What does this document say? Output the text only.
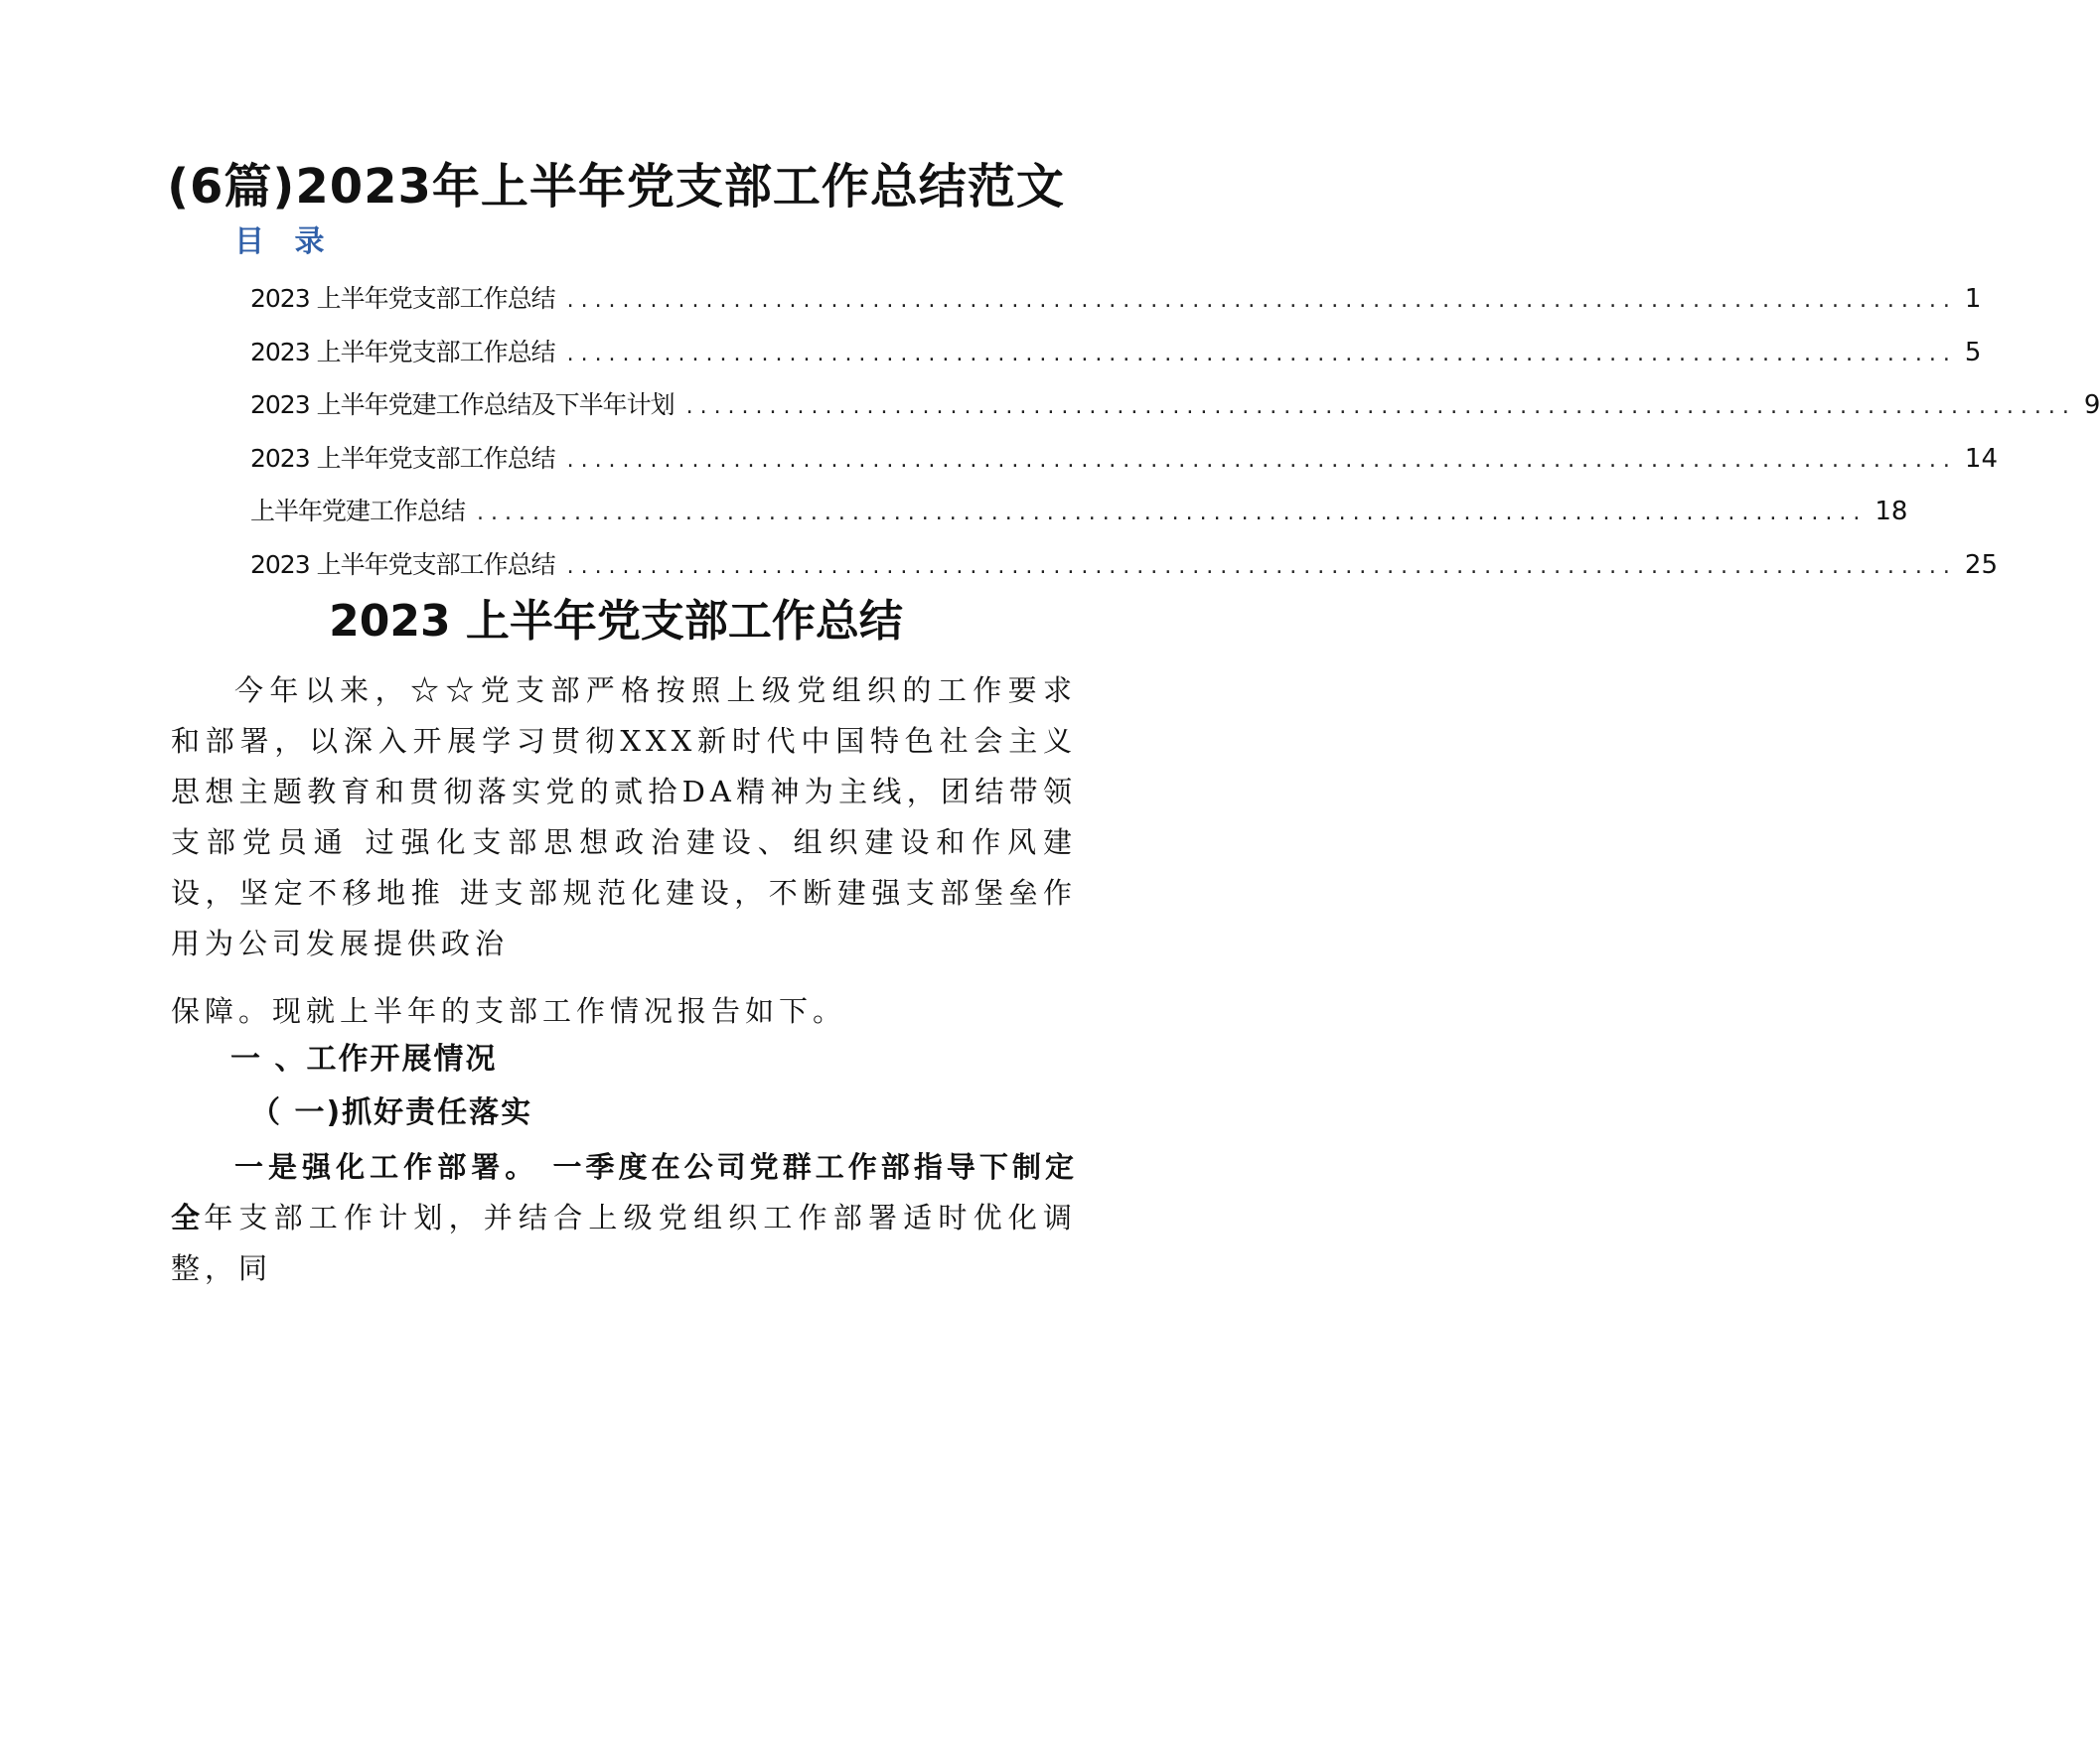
(6篇)2023年上半年党支部工作总结范文
目 录
2023 上半年党支部工作总结 .................................................................................................... 1
2023 上半年党支部工作总结 .................................................................................................... 5
2023 上半年党建工作总结及下半年计划 .................................................................................................... 9
2023 上半年党支部工作总结 .................................................................................................... 14
上半年党建工作总结 .................................................................................................... 18
2023 上半年党支部工作总结 .................................................................................................... 25
2023 上半年党支部工作总结

今年以来，☆☆党支部严格按照上级党组织的工作要求和部署，以深入开展学习贯彻XXX新时代中国特色社会主义思想主题教育和贯彻落实党的贰拾DA精神为主线，团结带领支部党员通 过强化支部思想政治建设、组织建设和作风建设，坚定不移地推 进支部规范化建设，不断建强支部堡垒作用为公司发展提供政治

保障。现就上半年的支部工作情况报告如下。

一 、工作开展情况
（ 一)抓好责任落实

一是强化工作部署。 一季度在公司党群工作部指导下制定全年支部工作计划，并结合上级党组织工作部署适时优化调整，同
